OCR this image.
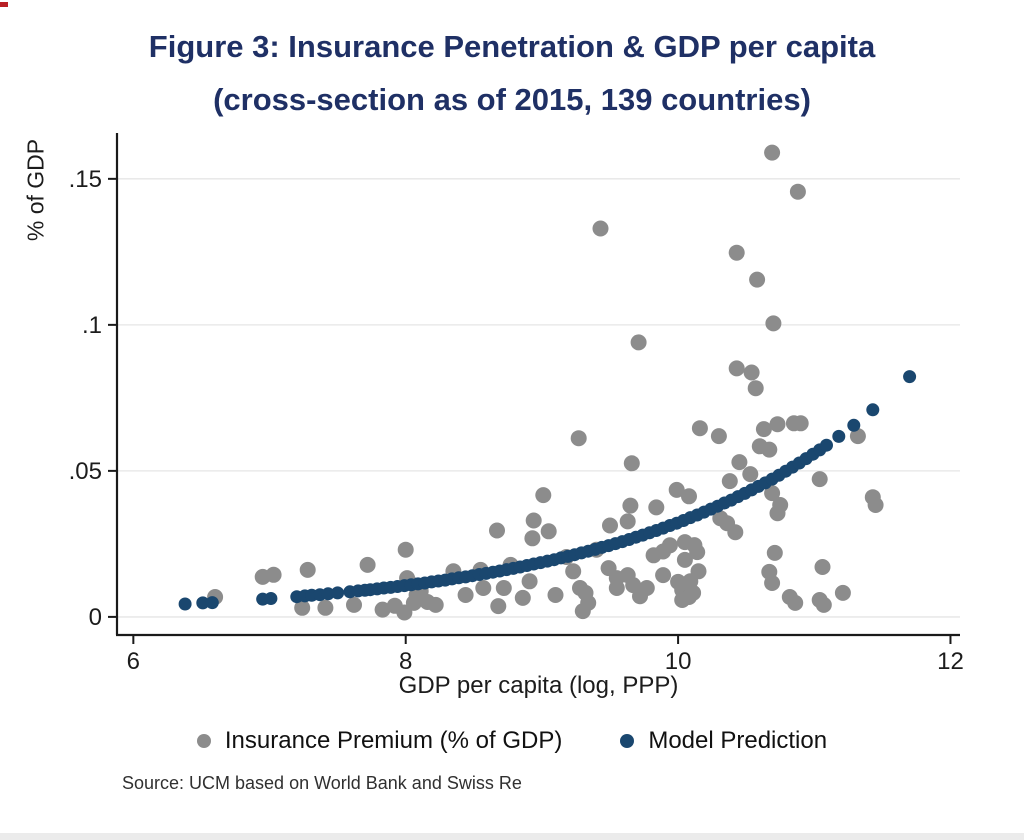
Figure 3: Insurance Penetration & GDP per capita
(cross-section as of 2015, 139 countries)
% of GDP
0
.05
.1
.15
6	8	10	12
GDP per capita (log, PPP)
Insurance Premium (% of GDP)	Model Prediction
Source: UCM based on World Bank and Swiss Re
